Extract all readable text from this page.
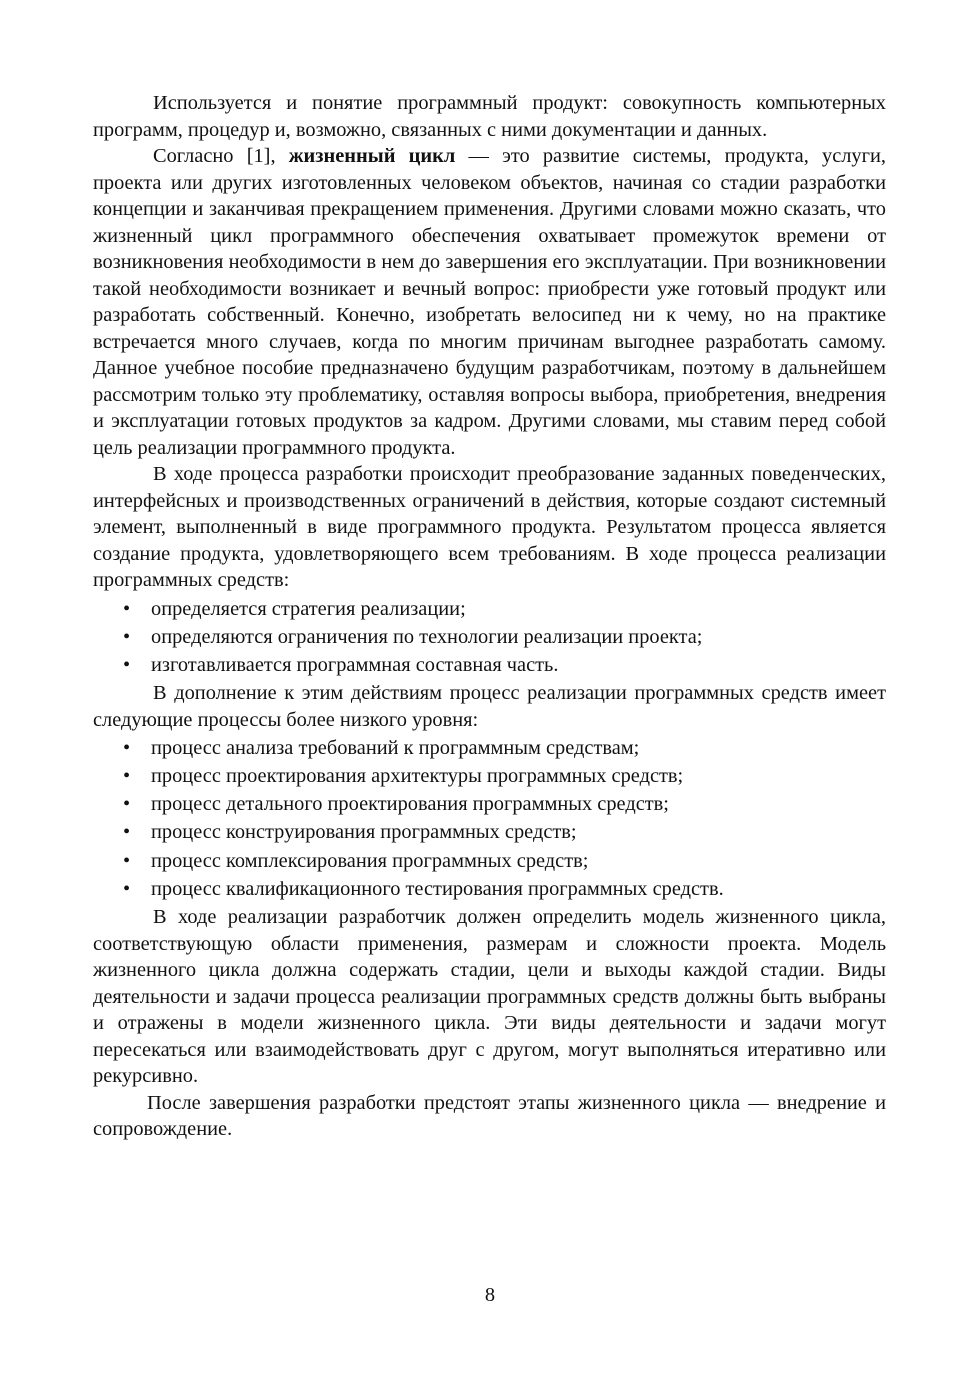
Используется и понятие программный продукт: совокупность компьютерных программ, процедур и, возможно, связанных с ними документации и данных.

Согласно [1], жизненный цикл — это развитие системы, продукта, услуги, проекта или других изготовленных человеком объектов, начиная со стадии разработки концепции и заканчивая прекращением применения. Другими словами можно сказать, что жизненный цикл программного обеспечения охватывает промежуток времени от возникновения необходимости в нем до завершения его эксплуатации. При возникновении такой необходимости возникает и вечный вопрос: приобрести уже готовый продукт или разработать собственный. Конечно, изобретать велосипед ни к чему, но на практике встречается много случаев, когда по многим причинам выгоднее разработать самому. Данное учебное пособие предназначено будущим разработчикам, поэтому в дальнейшем рассмотрим только эту проблематику, оставляя вопросы выбора, приобретения, внедрения и эксплуатации готовых продуктов за кадром. Другими словами, мы ставим перед собой цель реализации программного продукта.

В ходе процесса разработки происходит преобразование заданных поведенческих, интерфейсных и производственных ограничений в действия, которые создают системный элемент, выполненный в виде программного продукта. Результатом процесса является создание продукта, удовлетворяющего всем требованиям. В ходе процесса реализации программных средств:

• определяется стратегия реализации;
• определяются ограничения по технологии реализации проекта;
• изготавливается программная составная часть.

В дополнение к этим действиям процесс реализации программных средств имеет следующие процессы более низкого уровня:

• процесс анализа требований к программным средствам;
• процесс проектирования архитектуры программных средств;
• процесс детального проектирования программных средств;
• процесс конструирования программных средств;
• процесс комплексирования программных средств;
• процесс квалификационного тестирования программных средств.

В ходе реализации разработчик должен определить модель жизненного цикла, соответствующую области применения, размерам и сложности проекта. Модель жизненного цикла должна содержать стадии, цели и выходы каждой стадии. Виды деятельности и задачи процесса реализации программных средств должны быть выбраны и отражены в модели жизненного цикла. Эти виды деятельности и задачи могут пересекаться или взаимодействовать друг с другом, могут выполняться итеративно или рекурсивно.

После завершения разработки предстоят этапы жизненного цикла — внедрение и сопровождение.

8
